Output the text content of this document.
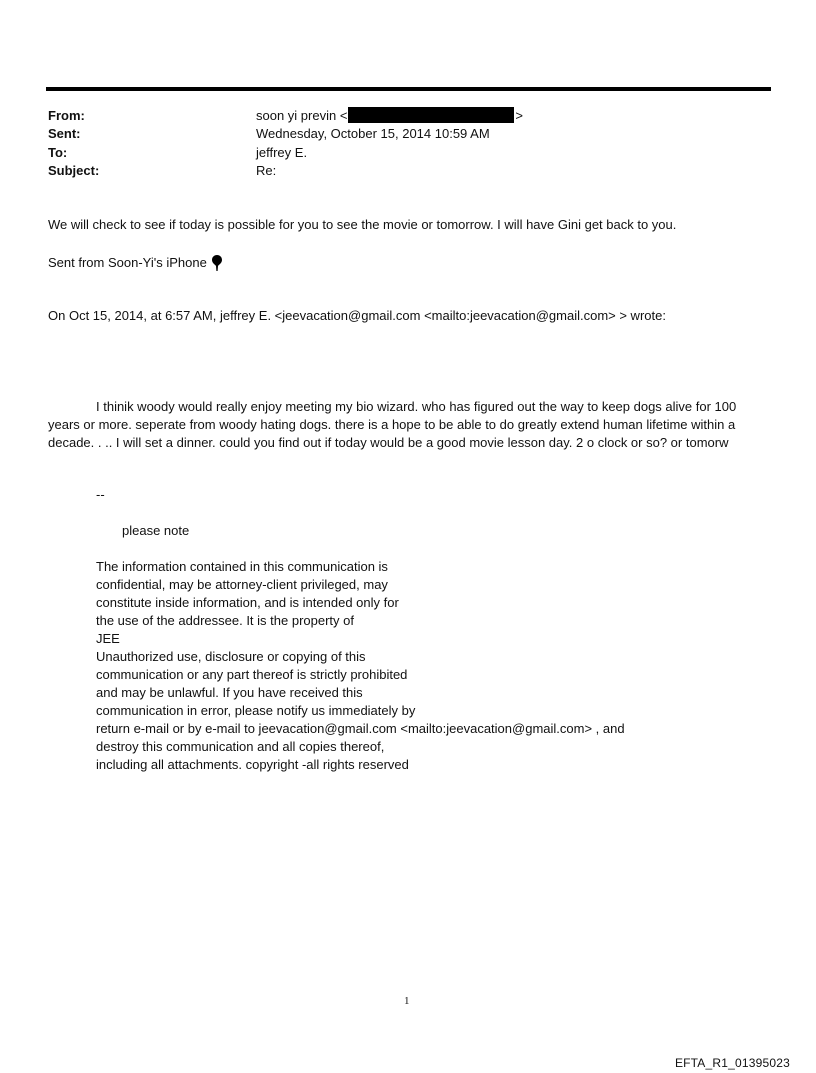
From:	soon yi previn <	>
Sent:	Wednesday, October 15, 2014 10:59 AM
To:	jeffrey E.
Subject:	Re:
We will check to see if today is possible for you to see the movie or tomorrow. I will have Gini get back to you.
Sent from Soon-Yi's iPhone
On Oct 15, 2014, at 6:57 AM, jeffrey E. <jeevacation@gmail.com <mailto:jeevacation@gmail.com> > wrote:
I thinik woody would really enjoy meeting my bio wizard. who has figured out the way to keep dogs alive for 100 years or more. seperate from woody hating dogs. there is a hope to be able to do greatly extend human lifetime within a decade. . .. I will set a dinner. could you find out if today would be a good movie lesson day. 2 o clock or so? or tomorw
--
please note
The information contained in this communication is
confidential, may be attorney-client privileged, may
constitute inside information, and is intended only for
the use of the addressee. It is the property of
JEE
Unauthorized use, disclosure or copying of this
communication or any part thereof is strictly prohibited
and may be unlawful. If you have received this
communication in error, please notify us immediately by
return e-mail or by e-mail to jeevacation@gmail.com <mailto:jeevacation@gmail.com> , and
destroy this communication and all copies thereof,
including all attachments. copyright -all rights reserved
1
EFTA_R1_01395023
